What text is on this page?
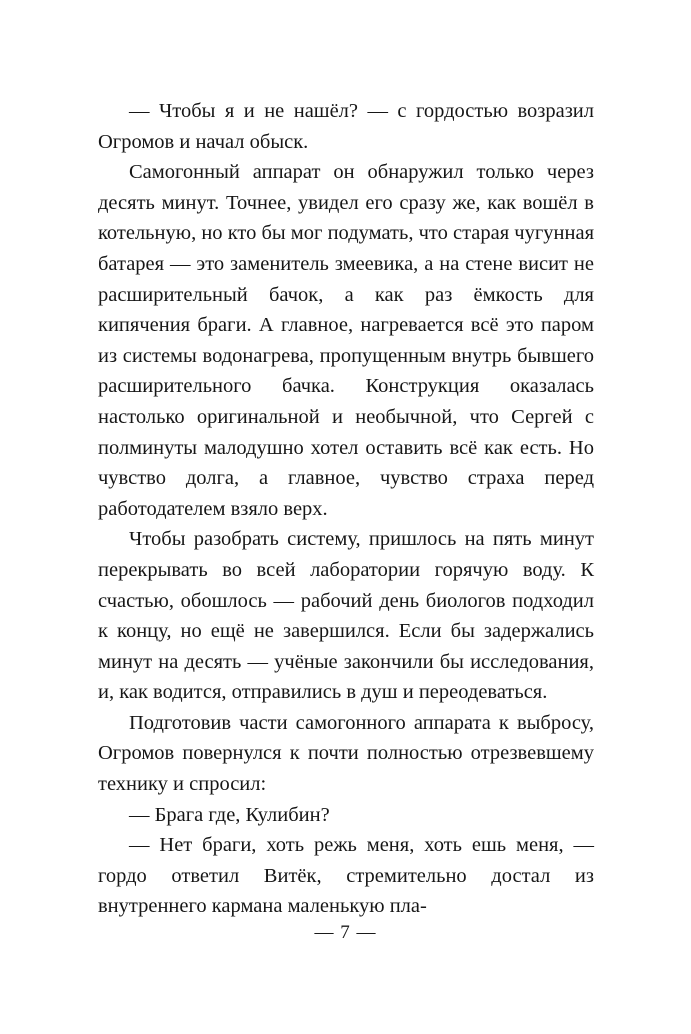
— Чтобы я и не нашёл? — с гордостью возразил Огромов и начал обыск.

Самогонный аппарат он обнаружил только через десять минут. Точнее, увидел его сразу же, как вошёл в котельную, но кто бы мог подумать, что старая чугунная батарея — это заменитель змеевика, а на стене висит не расширительный бачок, а как раз ёмкость для кипячения браги. А главное, нагревается всё это паром из системы водонагрева, пропущенным внутрь бывшего расширительного бачка. Конструкция оказалась настолько оригинальной и необычной, что Сергей с полминуты малодушно хотел оставить всё как есть. Но чувство долга, а главное, чувство страха перед работодателем взяло верх.

Чтобы разобрать систему, пришлось на пять минут перекрывать во всей лаборатории горячую воду. К счастью, обошлось — рабочий день биологов подходил к концу, но ещё не завершился. Если бы задержались минут на десять — учёные закончили бы исследования, и, как водится, отправились в душ и переодеваться.

Подготовив части самогонного аппарата к выбросу, Огромов повернулся к почти полностью отрезвевшему технику и спросил:

— Брага где, Кулибин?

— Нет браги, хоть режь меня, хоть ешь меня, — гордо ответил Витёк, стремительно достал из внутреннего кармана маленькую пла-

— 7 —
